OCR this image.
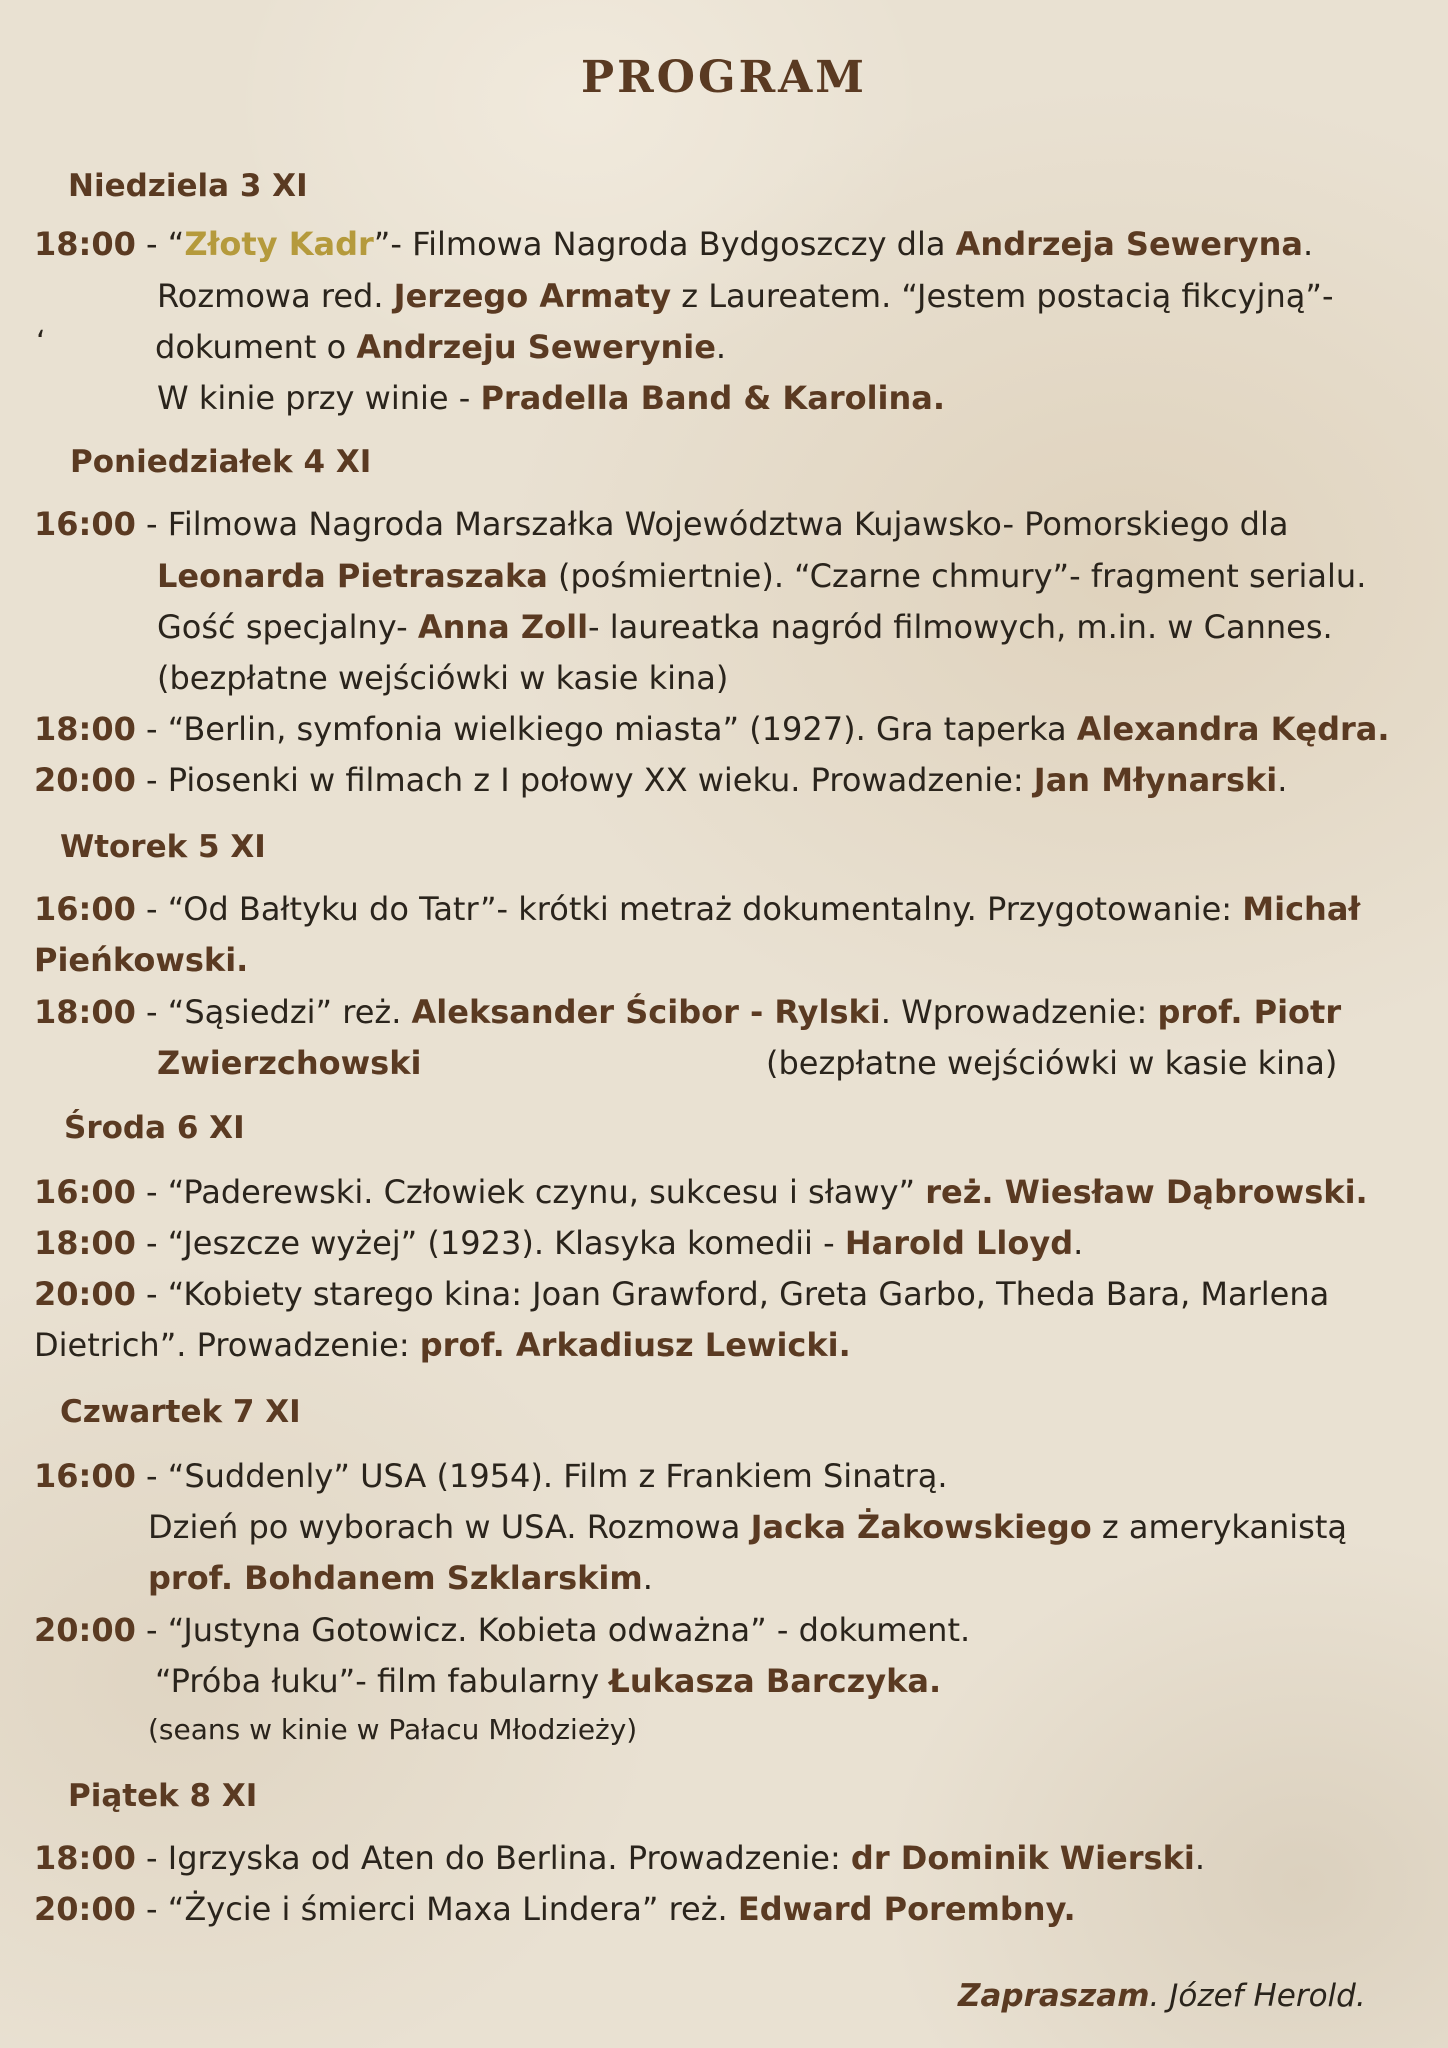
PROGRAM
Niedziela 3 XI
18:00 - “Złoty Kadr”- Filmowa Nagroda Bydgoszczy dla Andrzeja Seweryna.
Rozmowa red. Jerzego Armaty z Laureatem. “Jestem postacią fikcyjną”-
‘	dokument o Andrzeju Sewerynie.
W kinie przy winie - Pradella Band & Karolina.
Poniedziałek 4 XI
16:00 - Filmowa Nagroda Marszałka Województwa Kujawsko- Pomorskiego dla
Leonarda Pietraszaka (pośmiertnie). “Czarne chmury”- fragment serialu.
Gość specjalny- Anna Zoll- laureatka nagród filmowych, m.in. w Cannes.
(bezpłatne wejściówki w kasie kina)
18:00 - “Berlin, symfonia wielkiego miasta” (1927). Gra taperka Alexandra Kędra.
20:00 - Piosenki w filmach z I połowy XX wieku. Prowadzenie: Jan Młynarski.
Wtorek 5 XI
16:00 - “Od Bałtyku do Tatr”- krótki metraż dokumentalny. Przygotowanie: Michał
Pieńkowski.
18:00 - “Sąsiedzi” reż. Aleksander Ścibor - Rylski. Wprowadzenie: prof. Piotr
Zwierzchowski	(bezpłatne wejściówki w kasie kina)
Środa 6 XI
16:00 - “Paderewski. Człowiek czynu, sukcesu i sławy” reż. Wiesław Dąbrowski.
18:00 - “Jeszcze wyżej” (1923). Klasyka komedii - Harold Lloyd.
20:00 - “Kobiety starego kina: Joan Grawford, Greta Garbo, Theda Bara, Marlena
Dietrich”. Prowadzenie: prof. Arkadiusz Lewicki.
Czwartek 7 XI
16:00 - “Suddenly” USA (1954). Film z Frankiem Sinatrą.
Dzień po wyborach w USA. Rozmowa Jacka Żakowskiego z amerykanistą
prof. Bohdanem Szklarskim.
20:00 - “Justyna Gotowicz. Kobieta odważna” - dokument.
“Próba łuku”- film fabularny Łukasza Barczyka.
(seans w kinie w Pałacu Młodzieży)
Piątek 8 XI
18:00 - Igrzyska od Aten do Berlina. Prowadzenie: dr Dominik Wierski.
20:00 - “Życie i śmierci Maxa Lindera” reż. Edward Porembny.
Zapraszam. Józef Herold.
